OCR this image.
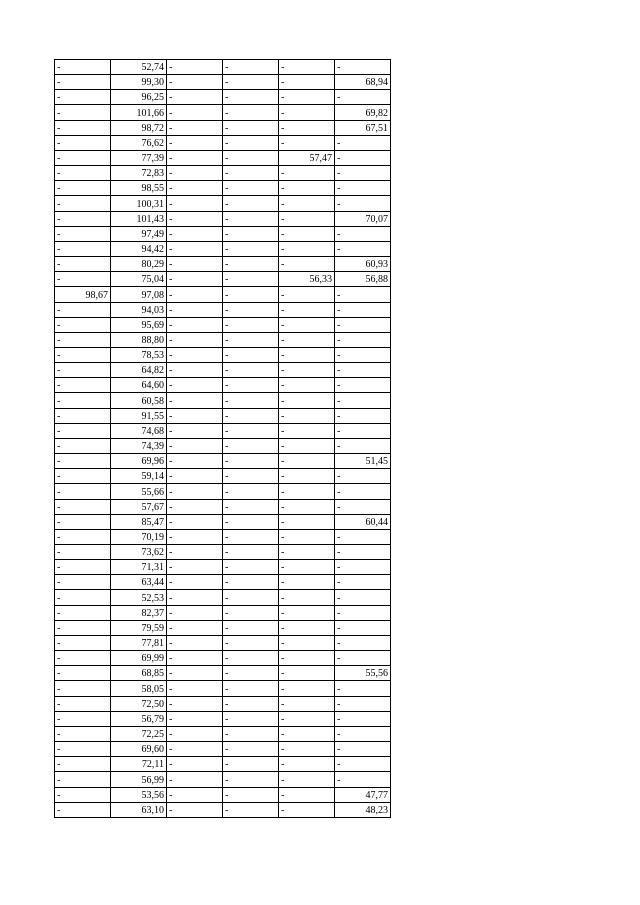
-	52,74	-	-	-	-
-	99,30	-	-	-	68,94
-	96,25	-	-	-	-
-	101,66	-	-	-	69,82
-	98,72	-	-	-	67,51
-	76,62	-	-	-	-
-	77,39	-	-	57,47	-
-	72,83	-	-	-	-
-	98,55	-	-	-	-
-	100,31	-	-	-	-
-	101,43	-	-	-	70,07
-	97,49	-	-	-	-
-	94,42	-	-	-	-
-	80,29	-	-	-	60,93
-	75,04	-	-	56,33	56,88
98,67	97,08	-	-	-	-
-	94,03	-	-	-	-
-	95,69	-	-	-	-
-	88,80	-	-	-	-
-	78,53	-	-	-	-
-	64,82	-	-	-	-
-	64,60	-	-	-	-
-	60,58	-	-	-	-
-	91,55	-	-	-	-
-	74,68	-	-	-	-
-	74,39	-	-	-	-
-	69,96	-	-	-	51,45
-	59,14	-	-	-	-
-	55,66	-	-	-	-
-	57,67	-	-	-	-
-	85,47	-	-	-	60,44
-	70,19	-	-	-	-
-	73,62	-	-	-	-
-	71,31	-	-	-	-
-	63,44	-	-	-	-
-	52,53	-	-	-	-
-	82,37	-	-	-	-
-	79,59	-	-	-	-
-	77,81	-	-	-	-
-	69,99	-	-	-	-
-	68,85	-	-	-	55,56
-	58,05	-	-	-	-
-	72,50	-	-	-	-
-	56,79	-	-	-	-
-	72,25	-	-	-	-
-	69,60	-	-	-	-
-	72,11	-	-	-	-
-	56,99	-	-	-	-
-	53,56	-	-	-	47,77
-	63,10	-	-	-	48,23
